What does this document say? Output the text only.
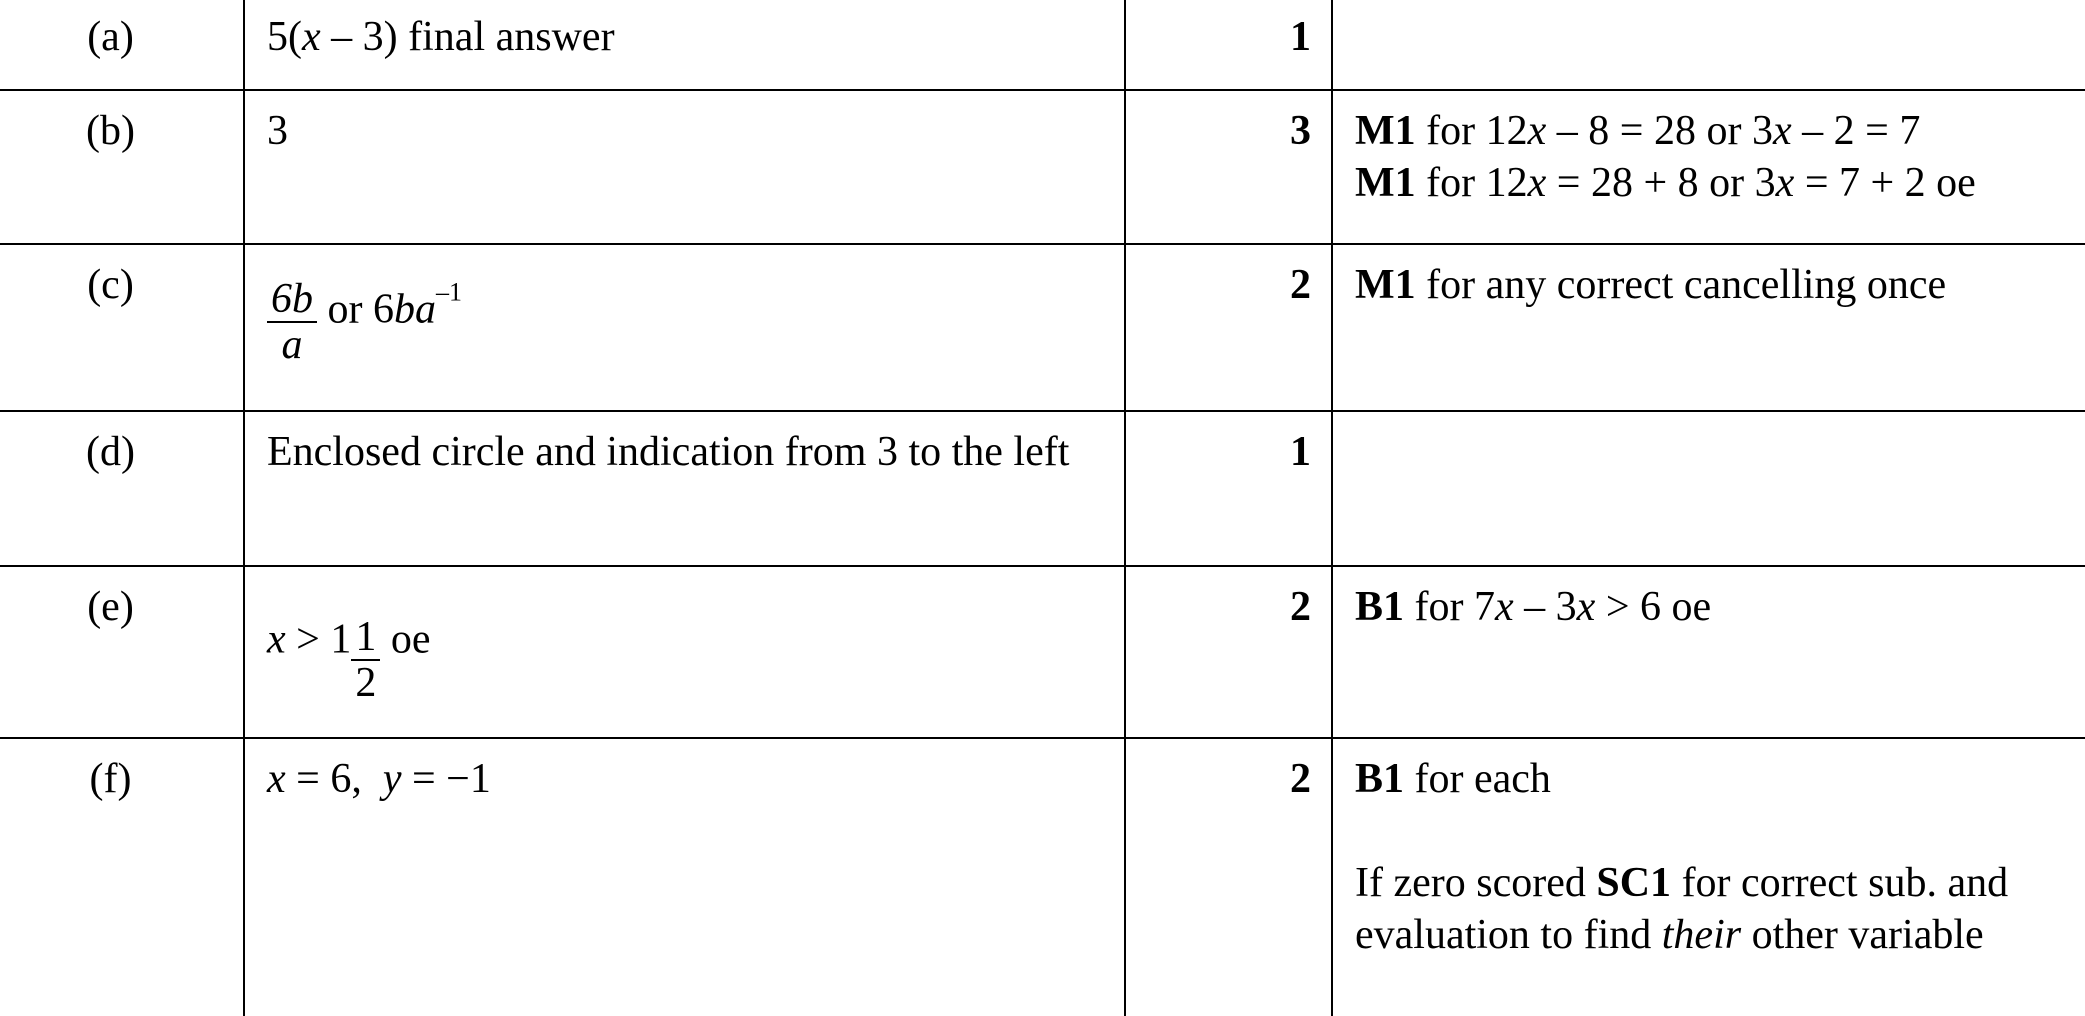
(a)	5(x – 3) final answer	1	
(b)	3	3	M1 for 12x – 8 = 28 or 3x – 2 = 7
M1 for 12x = 28 + 8 or 3x = 7 + 2 oe

(c)	$\frac{6b}{a}$ or $6ba^{-1}$	2	M1 for any correct cancelling once
(d)	Enclosed circle and indication from 3 to the left	1	
(e)	$x > 1 \frac{1}{2}$ oe	2	B1 for 7x – 3x > 6 oe
(f)	x = 6,  y = −1	2	B1 for each
If zero scored SC1 for correct sub. and evaluation to find their other variable
